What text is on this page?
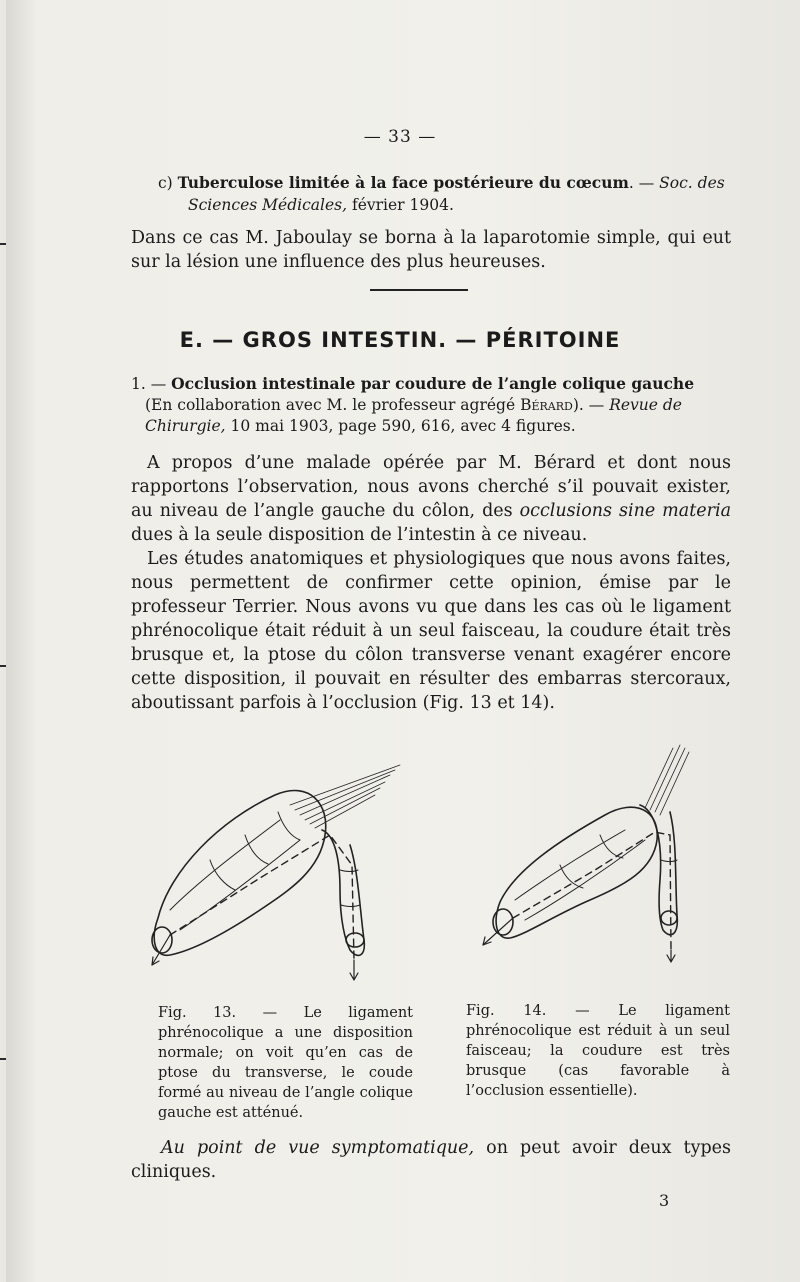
— 33 —
c) Tuberculose limitée à la face postérieure du cœcum. — Soc. des
Sciences Médicales, février 1904.
Dans ce cas M. Jaboulay se borna à la laparotomie simple, qui eut sur la lésion une influence des plus heureuses.
E. — GROS INTESTIN. — PÉRITOINE
1. — Occlusion intestinale par coudure de l’angle colique gauche
(En collaboration avec M. le professeur agrégé Bérard). — Revue de Chirurgie, 10 mai 1903, page 590, 616, avec 4 figures.
A propos d’une malade opérée par M. Bérard et dont nous rapportons l’observation, nous avons cherché s’il pouvait exister, au niveau de l’angle gauche du côlon, des occlusions sine materia dues à la seule disposition de l’intestin à ce niveau.
Les études anatomiques et physiologiques que nous avons faites, nous permettent de confirmer cette opinion, émise par le professeur Terrier. Nous avons vu que dans les cas où le ligament phrénocolique était réduit à un seul faisceau, la coudure était très brusque et, la ptose du côlon transverse venant exagérer encore cette disposition, il pouvait en résulter des embarras stercoraux, aboutissant parfois à l’occlusion (Fig. 13 et 14).
Fig. 13. — Le ligament phrénocolique a une disposition normale; on voit qu’en cas de ptose du transverse, le coude formé au niveau de l’angle colique gauche est atténué.
Fig. 14. — Le ligament phrénocolique est réduit à un seul faisceau; la coudure est très brusque (cas favorable à l’occlusion essentielle).
Au point de vue symptomatique, on peut avoir deux types cliniques.
3
